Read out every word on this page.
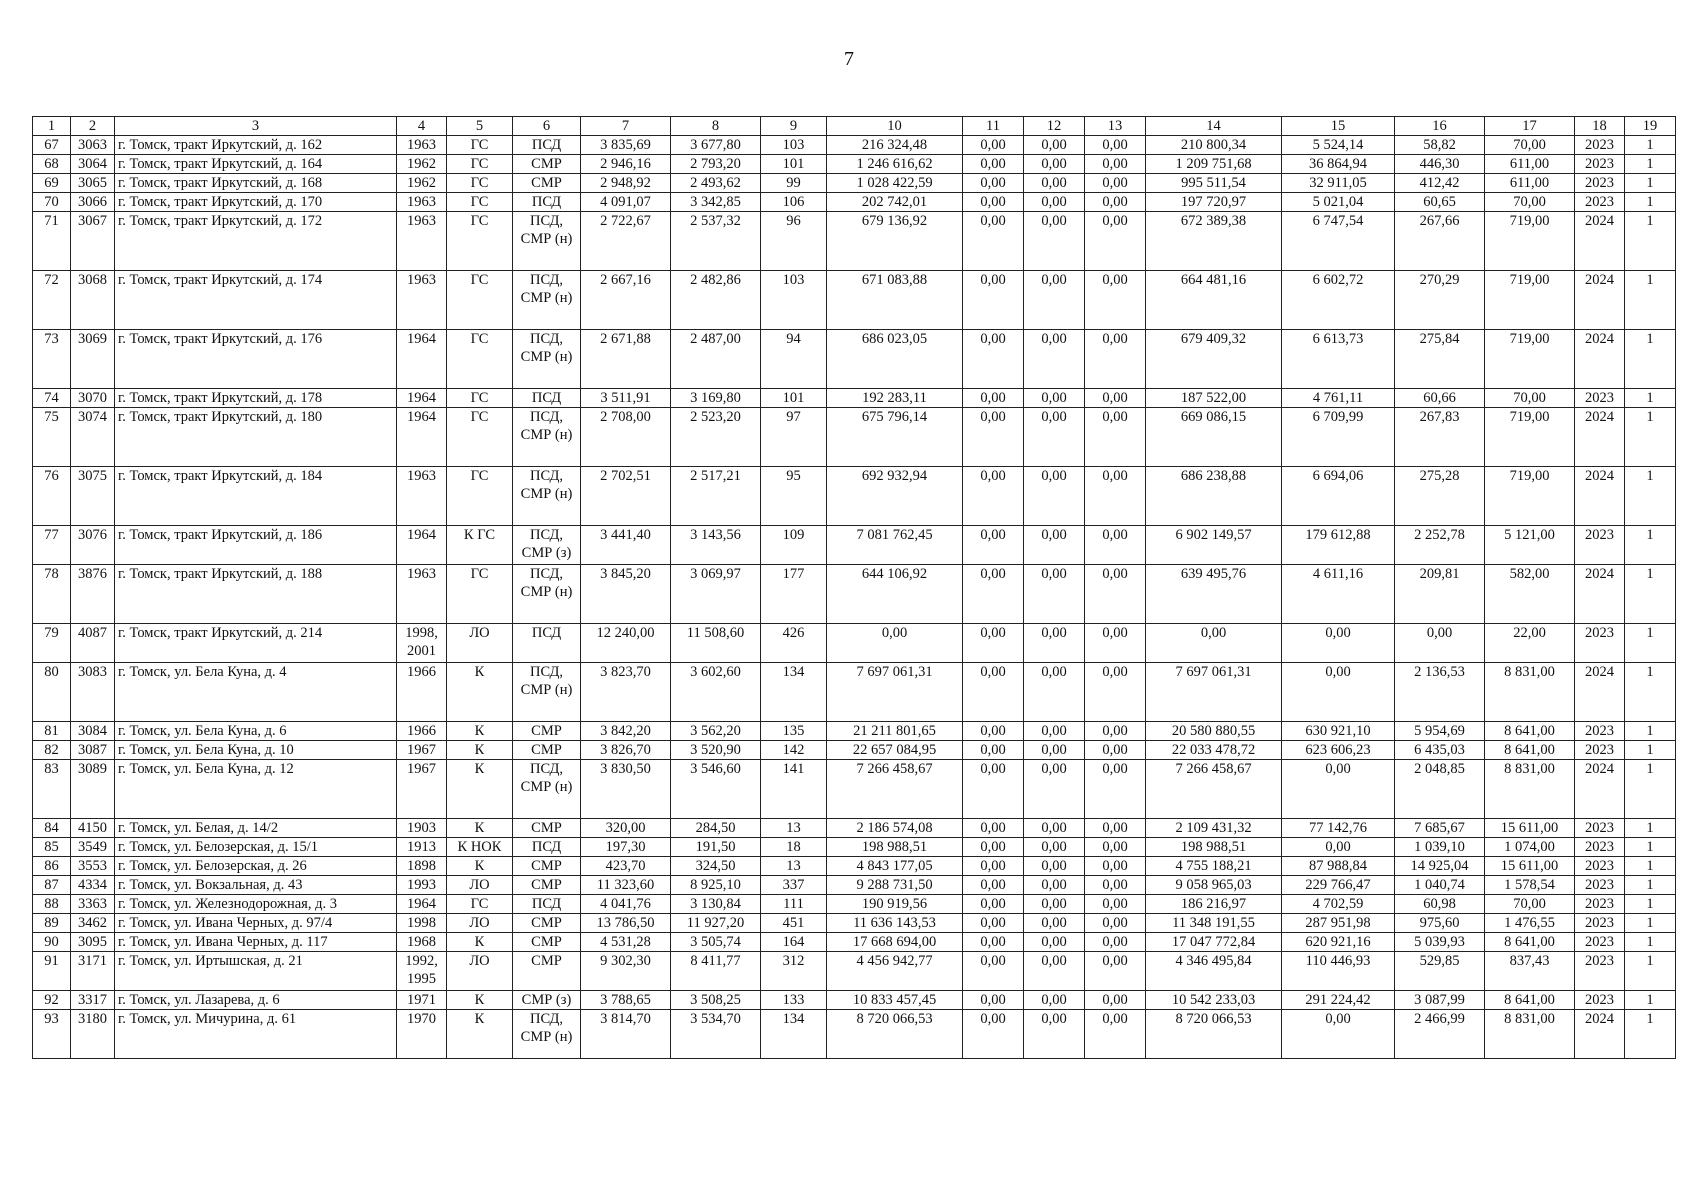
7
1	2	3	4	5	6	7	8	9	10	11	12	13	14	15	16	17	18	19
67	3063	г. Томск, тракт Иркутский, д. 162	1963	ГС	ПСД	3 835,69	3 677,80	103	216 324,48	0,00	0,00	0,00	210 800,34	5 524,14	58,82	70,00	2023	1
68	3064	г. Томск, тракт Иркутский, д. 164	1962	ГС	СМР	2 946,16	2 793,20	101	1 246 616,62	0,00	0,00	0,00	1 209 751,68	36 864,94	446,30	611,00	2023	1
69	3065	г. Томск, тракт Иркутский, д. 168	1962	ГС	СМР	2 948,92	2 493,62	99	1 028 422,59	0,00	0,00	0,00	995 511,54	32 911,05	412,42	611,00	2023	1
70	3066	г. Томск, тракт Иркутский, д. 170	1963	ГС	ПСД	4 091,07	3 342,85	106	202 742,01	0,00	0,00	0,00	197 720,97	5 021,04	60,65	70,00	2023	1
71	3067	г. Томск, тракт Иркутский, д. 172	1963	ГС	ПСД, СМР (н)	2 722,67	2 537,32	96	679 136,92	0,00	0,00	0,00	672 389,38	6 747,54	267,66	719,00	2024	1
72	3068	г. Томск, тракт Иркутский, д. 174	1963	ГС	ПСД, СМР (н)	2 667,16	2 482,86	103	671 083,88	0,00	0,00	0,00	664 481,16	6 602,72	270,29	719,00	2024	1
73	3069	г. Томск, тракт Иркутский, д. 176	1964	ГС	ПСД, СМР (н)	2 671,88	2 487,00	94	686 023,05	0,00	0,00	0,00	679 409,32	6 613,73	275,84	719,00	2024	1
74	3070	г. Томск, тракт Иркутский, д. 178	1964	ГС	ПСД	3 511,91	3 169,80	101	192 283,11	0,00	0,00	0,00	187 522,00	4 761,11	60,66	70,00	2023	1
75	3074	г. Томск, тракт Иркутский, д. 180	1964	ГС	ПСД, СМР (н)	2 708,00	2 523,20	97	675 796,14	0,00	0,00	0,00	669 086,15	6 709,99	267,83	719,00	2024	1
76	3075	г. Томск, тракт Иркутский, д. 184	1963	ГС	ПСД, СМР (н)	2 702,51	2 517,21	95	692 932,94	0,00	0,00	0,00	686 238,88	6 694,06	275,28	719,00	2024	1
77	3076	г. Томск, тракт Иркутский, д. 186	1964	К ГС	ПСД, СМР (з)	3 441,40	3 143,56	109	7 081 762,45	0,00	0,00	0,00	6 902 149,57	179 612,88	2 252,78	5 121,00	2023	1
78	3876	г. Томск, тракт Иркутский, д. 188	1963	ГС	ПСД, СМР (н)	3 845,20	3 069,97	177	644 106,92	0,00	0,00	0,00	639 495,76	4 611,16	209,81	582,00	2024	1
79	4087	г. Томск, тракт Иркутский, д. 214	1998, 2001	ЛО	ПСД	12 240,00	11 508,60	426	0,00	0,00	0,00	0,00	0,00	0,00	0,00	22,00	2023	1
80	3083	г. Томск, ул. Бела Куна, д. 4	1966	К	ПСД, СМР (н)	3 823,70	3 602,60	134	7 697 061,31	0,00	0,00	0,00	7 697 061,31	0,00	2 136,53	8 831,00	2024	1
81	3084	г. Томск, ул. Бела Куна, д. 6	1966	К	СМР	3 842,20	3 562,20	135	21 211 801,65	0,00	0,00	0,00	20 580 880,55	630 921,10	5 954,69	8 641,00	2023	1
82	3087	г. Томск, ул. Бела Куна, д. 10	1967	К	СМР	3 826,70	3 520,90	142	22 657 084,95	0,00	0,00	0,00	22 033 478,72	623 606,23	6 435,03	8 641,00	2023	1
83	3089	г. Томск, ул. Бела Куна, д. 12	1967	К	ПСД, СМР (н)	3 830,50	3 546,60	141	7 266 458,67	0,00	0,00	0,00	7 266 458,67	0,00	2 048,85	8 831,00	2024	1
84	4150	г. Томск, ул. Белая, д. 14/2	1903	К	СМР	320,00	284,50	13	2 186 574,08	0,00	0,00	0,00	2 109 431,32	77 142,76	7 685,67	15 611,00	2023	1
85	3549	г. Томск, ул. Белозерская, д. 15/1	1913	К НОК	ПСД	197,30	191,50	18	198 988,51	0,00	0,00	0,00	198 988,51	0,00	1 039,10	1 074,00	2023	1
86	3553	г. Томск, ул. Белозерская, д. 26	1898	К	СМР	423,70	324,50	13	4 843 177,05	0,00	0,00	0,00	4 755 188,21	87 988,84	14 925,04	15 611,00	2023	1
87	4334	г. Томск, ул. Вокзальная, д. 43	1993	ЛО	СМР	11 323,60	8 925,10	337	9 288 731,50	0,00	0,00	0,00	9 058 965,03	229 766,47	1 040,74	1 578,54	2023	1
88	3363	г. Томск, ул. Железнодорожная, д. 3	1964	ГС	ПСД	4 041,76	3 130,84	111	190 919,56	0,00	0,00	0,00	186 216,97	4 702,59	60,98	70,00	2023	1
89	3462	г. Томск, ул. Ивана Черных, д. 97/4	1998	ЛО	СМР	13 786,50	11 927,20	451	11 636 143,53	0,00	0,00	0,00	11 348 191,55	287 951,98	975,60	1 476,55	2023	1
90	3095	г. Томск, ул. Ивана Черных, д. 117	1968	К	СМР	4 531,28	3 505,74	164	17 668 694,00	0,00	0,00	0,00	17 047 772,84	620 921,16	5 039,93	8 641,00	2023	1
91	3171	г. Томск, ул. Иртышская, д. 21	1992, 1995	ЛО	СМР	9 302,30	8 411,77	312	4 456 942,77	0,00	0,00	0,00	4 346 495,84	110 446,93	529,85	837,43	2023	1
92	3317	г. Томск, ул. Лазарева, д. 6	1971	К	СМР (з)	3 788,65	3 508,25	133	10 833 457,45	0,00	0,00	0,00	10 542 233,03	291 224,42	3 087,99	8 641,00	2023	1
93	3180	г. Томск, ул. Мичурина, д. 61	1970	К	ПСД, СМР (н)	3 814,70	3 534,70	134	8 720 066,53	0,00	0,00	0,00	8 720 066,53	0,00	2 466,99	8 831,00	2024	1
